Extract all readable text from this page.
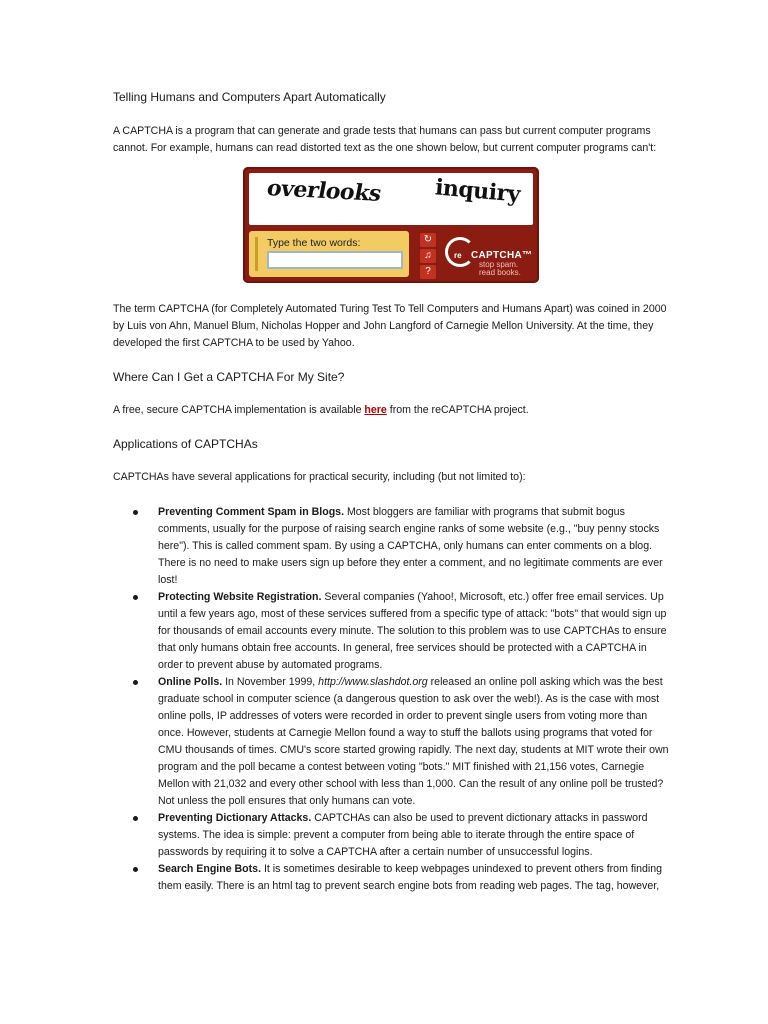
Telling Humans and Computers Apart Automatically

A CAPTCHA is a program that can generate and grade tests that humans can pass but current computer programs cannot. For example, humans can read distorted text as the one shown below, but current computer programs can't:

overlooks inquiry
Type the two words:	↻
♫
?
re CAPTCHA™
stop spam.
read books.

The term CAPTCHA (for Completely Automated Turing Test To Tell Computers and Humans Apart) was coined in 2000 by Luis von Ahn, Manuel Blum, Nicholas Hopper and John Langford of Carnegie Mellon University. At the time, they developed the first CAPTCHA to be used by Yahoo.

Where Can I Get a CAPTCHA For My Site?

A free, secure CAPTCHA implementation is available here from the reCAPTCHA project.

Applications of CAPTCHAs

CAPTCHAs have several applications for practical security, including (but not limited to):

Preventing Comment Spam in Blogs. Most bloggers are familiar with programs that submit bogus comments, usually for the purpose of raising search engine ranks of some website (e.g., "buy penny stocks here"). This is called comment spam. By using a CAPTCHA, only humans can enter comments on a blog. There is no need to make users sign up before they enter a comment, and no legitimate comments are ever lost!
Protecting Website Registration. Several companies (Yahoo!, Microsoft, etc.) offer free email services. Up until a few years ago, most of these services suffered from a specific type of attack: "bots" that would sign up for thousands of email accounts every minute. The solution to this problem was to use CAPTCHAs to ensure that only humans obtain free accounts. In general, free services should be protected with a CAPTCHA in order to prevent abuse by automated programs.
Online Polls. In November 1999, http://www.slashdot.org released an online poll asking which was the best graduate school in computer science (a dangerous question to ask over the web!). As is the case with most online polls, IP addresses of voters were recorded in order to prevent single users from voting more than once. However, students at Carnegie Mellon found a way to stuff the ballots using programs that voted for CMU thousands of times. CMU's score started growing rapidly. The next day, students at MIT wrote their own program and the poll became a contest between voting "bots." MIT finished with 21,156 votes, Carnegie Mellon with 21,032 and every other school with less than 1,000. Can the result of any online poll be trusted? Not unless the poll ensures that only humans can vote.
Preventing Dictionary Attacks. CAPTCHAs can also be used to prevent dictionary attacks in password systems. The idea is simple: prevent a computer from being able to iterate through the entire space of passwords by requiring it to solve a CAPTCHA after a certain number of unsuccessful logins.
Search Engine Bots. It is sometimes desirable to keep webpages unindexed to prevent others from finding them easily. There is an html tag to prevent search engine bots from reading web pages. The tag, however,
